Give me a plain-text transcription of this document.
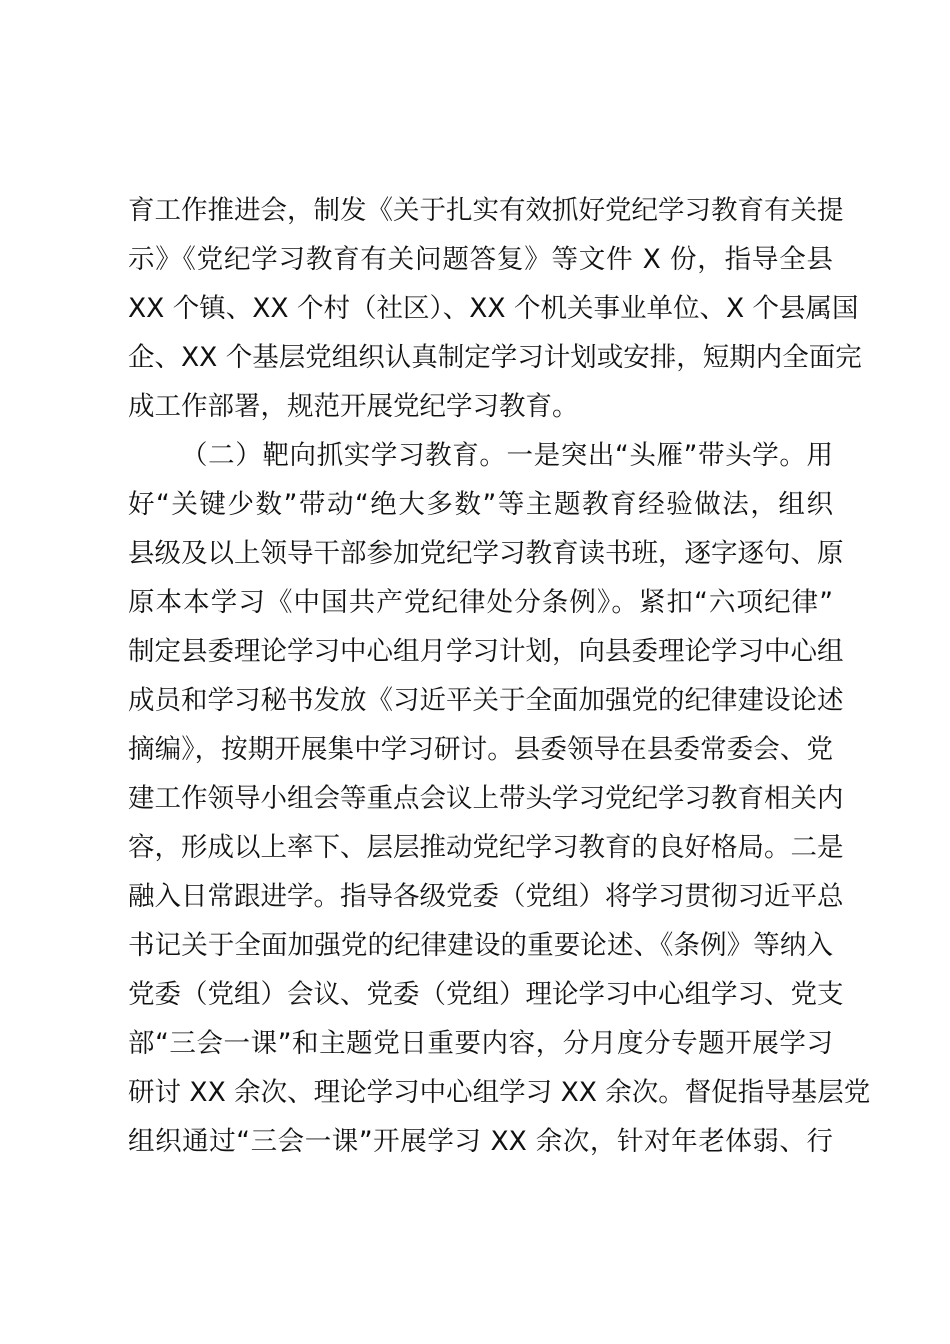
育工作推进会，制发《关于扎实有效抓好党纪学习教育有关提
示》《党纪学习教育有关问题答复》等文件 X 份，指导全县
XX 个镇、XX 个村（社区）、XX 个机关事业单位、X 个县属国
企、XX 个基层党组织认真制定学习计划或安排，短期内全面完
成工作部署，规范开展党纪学习教育。
（二）靶向抓实学习教育。一是突出“头雁”带头学。用
好“关键少数”带动“绝大多数”等主题教育经验做法，组织
县级及以上领导干部参加党纪学习教育读书班，逐字逐句、原
原本本学习《中国共产党纪律处分条例》。紧扣“六项纪律”
制定县委理论学习中心组月学习计划，向县委理论学习中心组
成员和学习秘书发放《习近平关于全面加强党的纪律建设论述
摘编》，按期开展集中学习研讨。县委领导在县委常委会、党
建工作领导小组会等重点会议上带头学习党纪学习教育相关内
容，形成以上率下、层层推动党纪学习教育的良好格局。二是
融入日常跟进学。指导各级党委（党组）将学习贯彻习近平总
书记关于全面加强党的纪律建设的重要论述、《条例》等纳入
党委（党组）会议、党委（党组）理论学习中心组学习、党支
部“三会一课”和主题党日重要内容，分月度分专题开展学习
研讨 XX 余次、理论学习中心组学习 XX 余次。督促指导基层党
组织通过“三会一课”开展学习 XX 余次，针对年老体弱、行
